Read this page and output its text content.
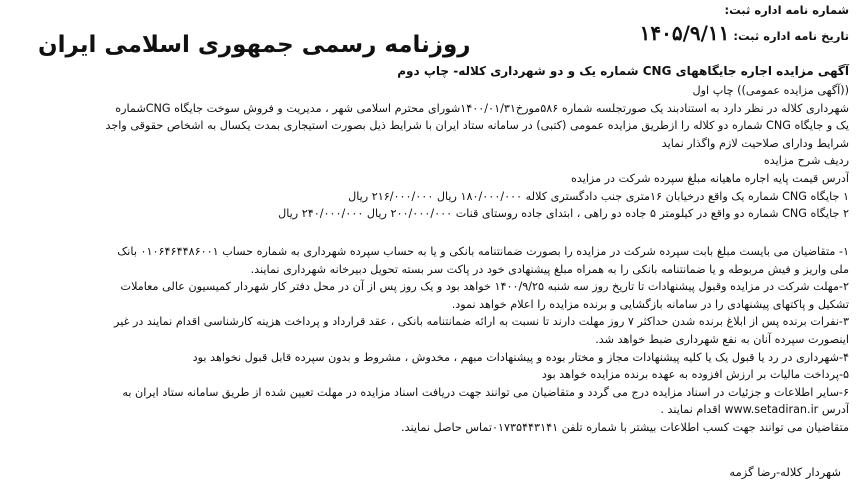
شماره نامه اداره ثبت:
تاریخ نامه اداره ثبت:۱۴۰۵/۹/۱۱
روزنامه رسمی جمهوری اسلامی ایران
آگهی مزایده اجاره جایگاههای CNG شماره یک و دو شهرداری کلاله- چاپ دوم
((آگهی مزایده عمومی)) چاپ اول
شهرداری کلاله در نظر دارد به استنادبند یک صورتجلسه شماره ۵۸۶مورخ۱۴۰۰/۰۱/۳۱شورای محترم اسلامی شهر ، مدیریت و فروش سوخت جایگاه CNGشماره
یک و جایگاه CNG شماره دو کلاله را ازطریق مزایده عمومی (کتبی) در سامانه ستاد ایران با شرایط ذیل بصورت استیجاری بمدت یکسال به اشخاص حقوقی واجد
شرایط ودارای صلاحیت لازم واگذار نماید
ردیف شرح مزایده
آدرس قیمت پایه اجاره ماهیانه مبلغ سپرده شرکت در مزایده
۱ جایگاه CNG شماره یک واقع درخیابان ۱۶متری جنب دادگستری کلاله ۱۸۰/۰۰۰/۰۰۰ ریال ۲۱۶/۰۰۰/۰۰۰ ریال
۲ جایگاه CNG شماره دو واقع در کیلومتر ۵ جاده دو راهی ، ابتدای جاده روستای قنات ۲۰۰/۰۰۰/۰۰۰ ریال ۲۴۰/۰۰۰/۰۰۰ ریال
۱- متقاضیان می بایست مبلغ بابت سپرده شرکت در مزایده را بصورت ضمانتنامه بانکی و یا به حساب سپرده شهرداری به شماره حساب ۰۱۰۶۴۶۴۴۸۶۰۰۱ بانک
ملی واریز و فیش مربوطه و یا ضمانتنامه بانکی را به همراه مبلغ پیشنهادی خود در پاکت سر بسته تحویل دبیرخانه شهرداری نمایند.
۲-مهلت شرکت در مزایده وقبول پیشنهادات تا تاریخ روز سه شنبه ۱۴۰۰/۹/۲۵ خواهد بود و یک روز پس از آن در محل دفتر کار شهردار کمیسیون عالی معاملات
تشکیل و پاکتهای پیشنهادی را در سامانه بازگشایی و برنده مزایده را اعلام خواهد نمود.
۳-نفرات برنده پس از ابلاغ برنده شدن حداکثر ۷ روز مهلت دارند تا نسبت به ارائه ضمانتنامه بانکی ، عقد قرارداد و پرداخت هزینه کارشناسی اقدام نمایند در غیر
اینصورت سپرده آنان به نفع شهرداری ضبط خواهد شد.
۴-شهرداری در رد یا قبول یک یا کلیه پیشنهادات مجاز و مختار بوده و پیشنهادات مبهم ، مخدوش ، مشروط و بدون سپرده قابل قبول نخواهد بود
۵-پرداخت مالیات بر ارزش افزوده به عهده برنده مزایده خواهد بود
۶-سایر اطلاعات و جزئیات در اسناد مزایده درج می گردد و متقاضیان می توانند جهت دریافت اسناد مزایده در مهلت تعیین شده از طریق سامانه ستاد ایران به
آدرس www.setadiran.ir اقدام نمایند .
متقاضیان می توانند جهت کسب اطلاعات بیشتر با شماره تلفن ۰۱۷۳۵۴۴۳۱۴۱تماس حاصل نمایند.
شهردار کلاله-رضا گزمه
